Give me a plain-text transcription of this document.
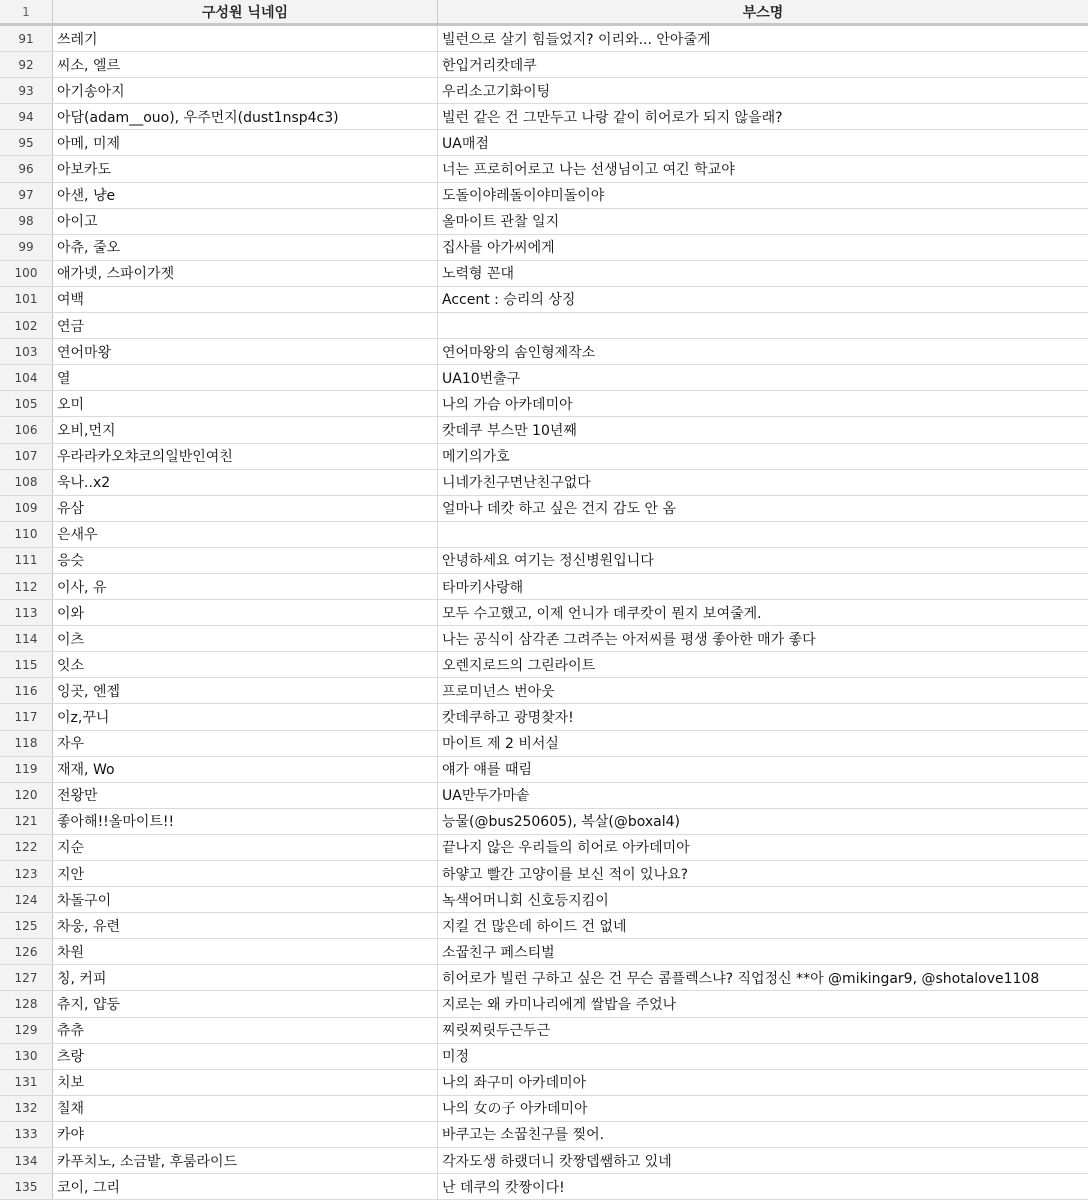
1	구성원 닉네임	부스명
91	쓰레기	빌런으로 살기 힘들었지? 이리와... 안아줄게
92	씨소, 엘르	한입거리캇데쿠
93	아기송아지	우리소고기화이팅
94	아담(adam__ouo), 우주먼지(dust1nsp4c3)	빌런 같은 건 그만두고 나랑 같이 히어로가 되지 않을래?
95	아메, 미제	UA매점
96	아보카도	너는 프로히어로고 나는 선생님이고 여긴 학교야
97	아샌, 냥e	도돌이야레돌이야미돌이야
98	아이고	올마이트 관찰 일지
99	아츄, 줄오	집사를 아가씨에게
100	애가넷, 스파이가젯	노력형 꼰대
101	여백	Accent : 승리의 상징
102	연금
103	연어마왕	연어마왕의 솜인형제작소
104	열	UA10번출구
105	오미	나의 가슴 아카데미아
106	오비,먼지	캇데쿠 부스만 10년째
107	우라라카오챠코의일반인여친	메기의가호
108	욱나..x2	니네가친구면난친구없다
109	유삼	얼마나 데캇 하고 싶은 건지 감도 안 옴
110	은새우
111	응슷	안녕하세요 여기는 정신병원입니다
112	이사, 유	타마키사랑해
113	이와	모두 수고했고, 이제 언니가 데쿠캇이 뭔지 보여줄게.
114	이츠	나는 공식이 삼각존 그려주는 아저씨를 평생 좋아한 매가 좋다
115	잇소	오렌지로드의 그린라이트
116	잉곳, 엔젭	프로미넌스 번아웃
117	이z,꾸니	캇데쿠하고 광명찾자!
118	자우	마이트 제 2 비서실
119	재재, Wo	얘가 얘를 때림
120	전왕만	UA만두가마솥
121	좋아해!!올마이트!!	능물(@bus250605), 복살(@boxal4)
122	지순	끝나지 않은 우리들의 히어로 아카데미아
123	지안	하얗고 빨간 고양이를 보신 적이 있나요?
124	차돌구이	녹색어머니회 신호등지킴이
125	차웅, 유련	지킬 건 많은데 하이드 건 없네
126	차원	소꿉친구 페스티벌
127	칭, 커피	히어로가 빌런 구하고 싶은 건 무슨 콤플렉스냐? 직업정신 **아 @mikingar9, @shotalove1108
128	츄지, 얍둥	지로는 왜 카미나리에게 쌀밥을 주었나
129	츄츄	찌릿찌릿두근두근
130	츠랑	미정
131	치보	나의 좌구미 아카데미아
132	칠채	나의 女の子 아카데미아
133	카야	바쿠고는 소꿉친구를 찢어.
134	카푸치노, 소금밭, 후룸라이드	각자도생 하랬더니 캇짱뎁쌤하고 있네
135	코이, 그리	난 데쿠의 캇짱이다!
